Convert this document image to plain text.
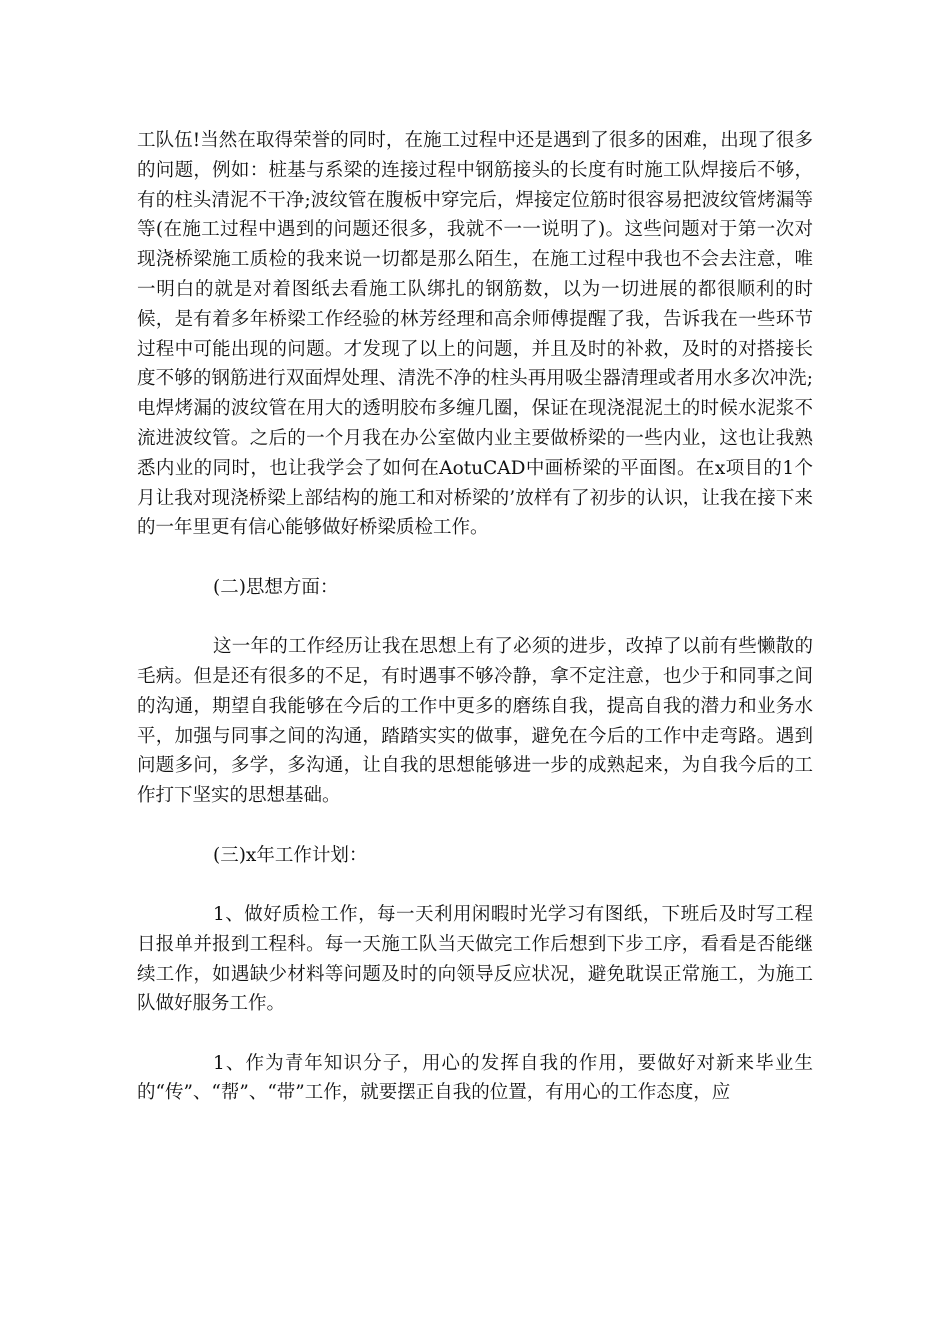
工队伍!当然在取得荣誉的同时，在施工过程中还是遇到了很多的困难，出现了很多的问题，例如：桩基与系梁的连接过程中钢筋接头的长度有时施工队焊接后不够，有的柱头清泥不干净;波纹管在腹板中穿完后，焊接定位筋时很容易把波纹管烤漏等等(在施工过程中遇到的问题还很多，我就不一一说明了)。这些问题对于第一次对现浇桥梁施工质检的我来说一切都是那么陌生，在施工过程中我也不会去注意，唯一明白的就是对着图纸去看施工队绑扎的钢筋数，以为一切进展的都很顺利的时候，是有着多年桥梁工作经验的林芳经理和高余师傅提醒了我，告诉我在一些环节过程中可能出现的问题。才发现了以上的问题，并且及时的补救，及时的对搭接长度不够的钢筋进行双面焊处理、清洗不净的柱头再用吸尘器清理或者用水多次冲洗;电焊烤漏的波纹管在用大的透明胶布多缠几圈，保证在现浇混泥土的时候水泥浆不流进波纹管。之后的一个月我在办公室做内业主要做桥梁的一些内业，这也让我熟悉内业的同时，也让我学会了如何在AotuCAD中画桥梁的平面图。在x项目的1个月让我对现浇桥梁上部结构的施工和对桥梁的’放样有了初步的认识，让我在接下来的一年里更有信心能够做好桥梁质检工作。

(二)思想方面：

这一年的工作经历让我在思想上有了必须的进步，改掉了以前有些懒散的毛病。但是还有很多的不足，有时遇事不够冷静，拿不定注意，也少于和同事之间的沟通，期望自我能够在今后的工作中更多的磨练自我，提高自我的潜力和业务水平，加强与同事之间的沟通，踏踏实实的做事，避免在今后的工作中走弯路。遇到问题多问，多学，多沟通，让自我的思想能够进一步的成熟起来，为自我今后的工作打下坚实的思想基础。

(三)x年工作计划：

1、做好质检工作，每一天利用闲暇时光学习有图纸，下班后及时写工程日报单并报到工程科。每一天施工队当天做完工作后想到下步工序，看看是否能继续工作，如遇缺少材料等问题及时的向领导反应状况，避免耽误正常施工，为施工队做好服务工作。

1、作为青年知识分子，用心的发挥自我的作用，要做好对新来毕业生的“传”、“帮”、“带”工作，就要摆正自我的位置，有用心的工作态度，应
